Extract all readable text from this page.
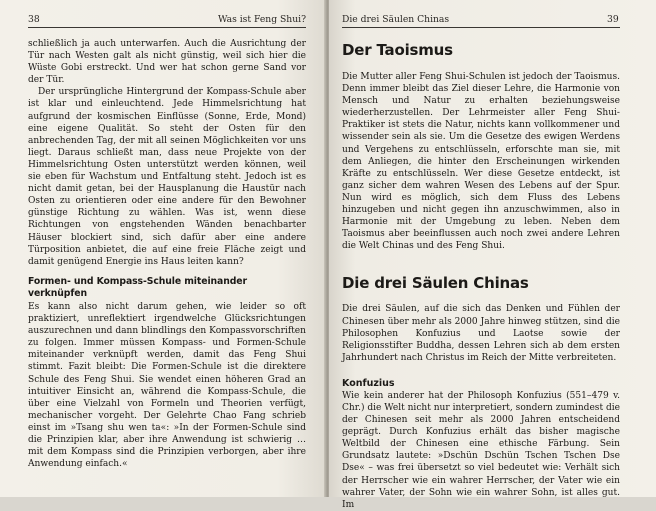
38	Was ist Feng Shui?

schließlich ja auch unterwarfen. Auch die Ausrichtung der Tür nach Westen galt als nicht günstig, weil sich hier die Wüste Gobi erstreckt. Und wer hat schon gerne Sand vor der Tür.

Der ursprüngliche Hintergrund der Kompass-Schule aber ist klar und einleuchtend. Jede Himmelsrichtung hat aufgrund der kosmischen Einflüsse (Sonne, Erde, Mond) eine eigene Qualität. So steht der Osten für den anbrechenden Tag, der mit all seinen Möglichkeiten vor uns liegt. Daraus schließt man, dass neue Projekte von der Himmelsrichtung Osten unterstützt werden können, weil sie eben für Wachstum und Entfaltung steht. Jedoch ist es nicht damit getan, bei der Hausplanung die Haustür nach Osten zu orientieren oder eine andere für den Bewohner günstige Richtung zu wählen. Was ist, wenn diese Richtungen von engstehenden Wänden benachbarter Häuser blockiert sind, sich dafür aber eine andere Türposition anbietet, die auf eine freie Fläche zeigt und damit genügend Energie ins Haus leiten kann?

Formen- und Kompass-Schule miteinander verknüpfen

Es kann also nicht darum gehen, wie leider so oft praktiziert, unreflektiert irgendwelche Glücksrichtungen auszurechnen und dann blindlings den Kompassvorschriften zu folgen. Immer müssen Kompass- und Formen-Schule miteinander verknüpft werden, damit das Feng Shui stimmt. Fazit bleibt: Die Formen-Schule ist die direktere Schule des Feng Shui. Sie wendet einen höheren Grad an intuitiver Einsicht an, während die Kompass-Schule, die über eine Vielzahl von Formeln und Theorien verfügt, mechanischer vorgeht. Der Gelehrte Chao Fang schrieb einst im »Tsang shu wen ta«: »In der Formen-Schule sind die Prinzipien klar, aber ihre Anwendung ist schwierig … mit dem Kompass sind die Prinzipien verborgen, aber ihre Anwendung einfach.«

Die drei Säulen Chinas	39
Der Taoismus

Die Mutter aller Feng Shui-Schulen ist jedoch der Taoismus. Denn immer bleibt das Ziel dieser Lehre, die Harmonie von Mensch und Natur zu erhalten beziehungsweise wiederherzustellen. Der Lehrmeister aller Feng Shui-Praktiker ist stets die Natur, nichts kann vollkommener und wissender sein als sie. Um die Gesetze des ewigen Werdens und Vergehens zu entschlüsseln, erforschte man sie, mit dem Anliegen, die hinter den Erscheinungen wirkenden Kräfte zu entschlüsseln. Wer diese Gesetze entdeckt, ist ganz sicher dem wahren Wesen des Lebens auf der Spur. Nun wird es möglich, sich dem Fluss des Lebens hinzugeben und nicht gegen ihn anzuschwimmen, also in Harmonie mit der Umgebung zu leben. Neben dem Taoismus aber beeinflussen auch noch zwei andere Lehren die Welt Chinas und des Feng Shui.

Die drei Säulen Chinas

Die drei Säulen, auf die sich das Denken und Fühlen der Chinesen über mehr als 2000 Jahre hinweg stützen, sind die Philosophen Konfuzius und Laotse sowie der Religionsstifter Buddha, dessen Lehren sich ab dem ersten Jahrhundert nach Christus im Reich der Mitte verbreiteten.

Konfuzius

Wie kein anderer hat der Philosoph Konfuzius (551–479 v. Chr.) die Welt nicht nur interpretiert, sondern zumindest die der Chinesen seit mehr als 2000 Jahren entscheidend geprägt. Durch Konfuzius erhält das bisher magische Weltbild der Chinesen eine ethische Färbung. Sein Grundsatz lautete: »Dschün Dschün Tschen Tschen Dse Dse« – was frei übersetzt so viel bedeutet wie: Verhält sich der Herrscher wie ein wahrer Herrscher, der Vater wie ein wahrer Vater, der Sohn wie ein wahrer Sohn, ist alles gut. Im
